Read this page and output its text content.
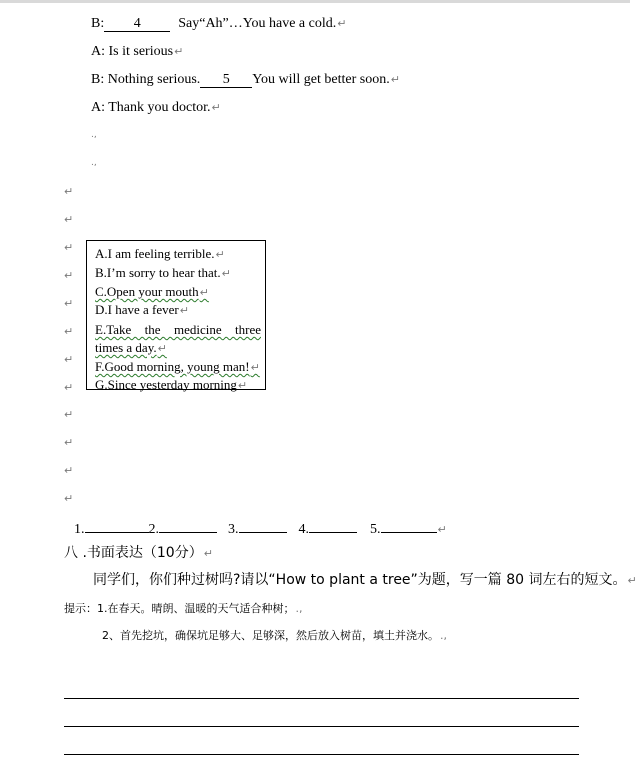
B: 4	Say“Ah”…You have a cold.↵
A: Is it serious↵
B: Nothing serious. 5 You will get better soon.↵
A: Thank you doctor.↵
.,
.,
↵
↵
↵
↵
↵
↵
↵
↵
↵
↵
↵
↵
A.I am feeling terrible.↵
B.I’m sorry to hear that.↵
C.Open your mouth↵
D.I have a fever↵
E.Take the medicine three times a day.↵
F.Good morning, young man!↵
G.Since yesterday morning↵
1.	2.	3.	4.	5.	↵
八 .书面表达（10分）↵
同学们，你们种过树吗?请以“How to plant a tree”为题，写一篇 80 词左右的短文。↵
提示：1.在春天。晴朗、温暖的天气适合种树；.,
2、首先挖坑，确保坑足够大、足够深，然后放入树苗，填土并浇水。.,
